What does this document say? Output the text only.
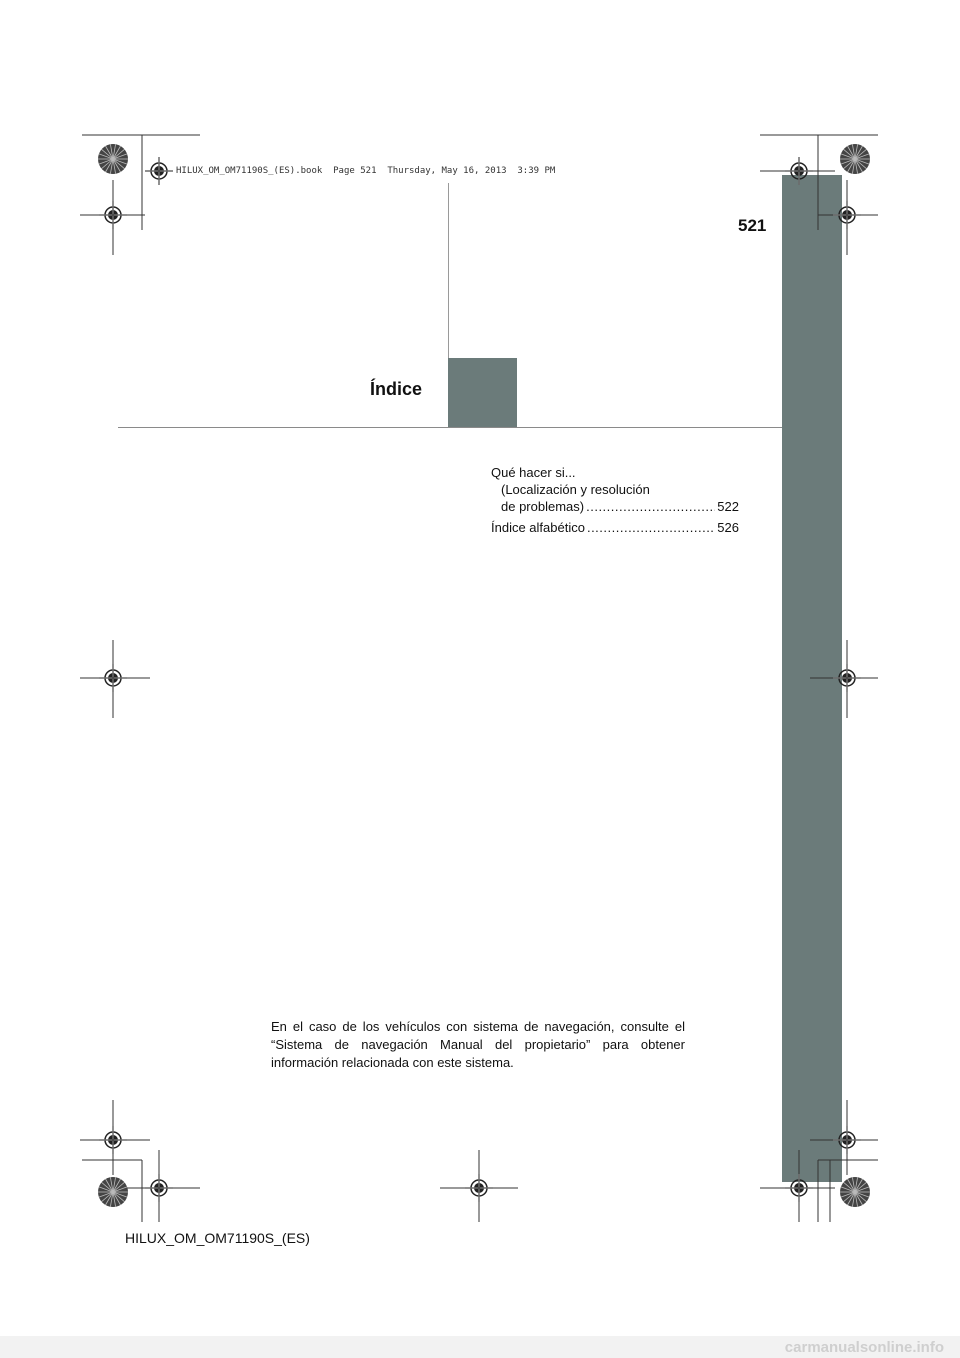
HILUX_OM_OM71190S_(ES).book  Page 521  Thursday, May 16, 2013  3:39 PM
521
Índice
Qué hacer si...
(Localización y resolución
de problemas) .....	522
Índice alfabético .....	526
En el caso de los vehículos con sistema de navegación, consulte el “Sistema de navegación Manual del propietario” para obtener información relacionada con este sistema.
HILUX_OM_OM71190S_(ES)
carmanualsonline.info
